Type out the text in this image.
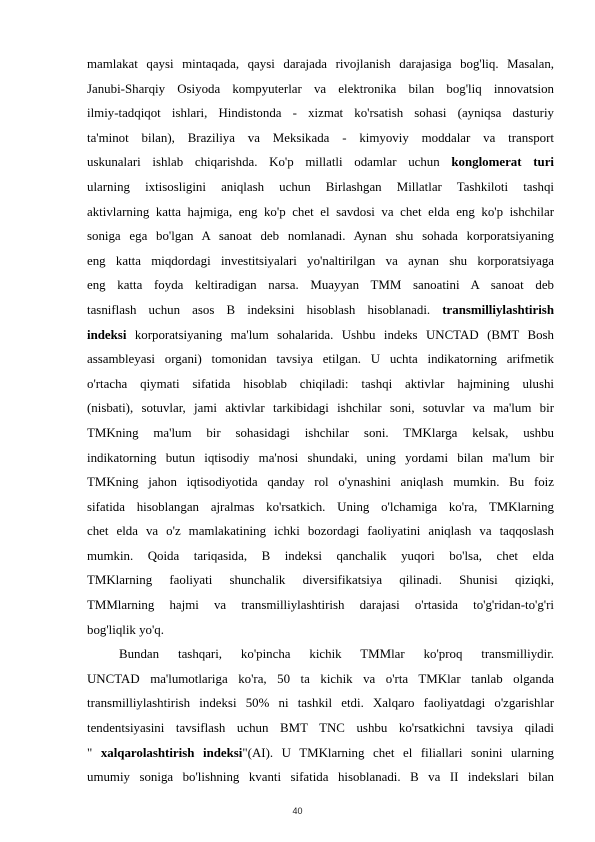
mamlakat qaysi mintaqada, qaysi darajada rivojlanish darajasiga bog'liq. Masalan,
Janubi-Sharqiy Osiyoda kompyuterlar va elektronika bilan bog'liq innovatsion
ilmiy-tadqiqot ishlari, Hindistonda - xizmat ko'rsatish sohasi (ayniqsa dasturiy
ta'minot bilan), Braziliya va Meksikada - kimyoviy moddalar va transport
uskunalari ishlab chiqarishda. Ko'p millatli odamlar uchun konglomerat turi
ularning ixtisosligini aniqlash uchun Birlashgan Millatlar Tashkiloti tashqi
aktivlarning katta hajmiga, eng ko'p chet el savdosi va chet elda eng ko'p ishchilar
soniga ega bo'lgan A sanoat deb nomlanadi. Aynan shu sohada korporatsiyaning
eng katta miqdordagi investitsiyalari yo'naltirilgan va aynan shu korporatsiyaga
eng katta foyda keltiradigan narsa. Muayyan TMM sanoatini A sanoat deb
tasniflash uchun asos B indeksini hisoblash hisoblanadi. transmilliylashtirish
indeksi korporatsiyaning ma'lum sohalarida. Ushbu indeks UNCTAD (BMT Bosh
assambleyasi organi) tomonidan tavsiya etilgan. U uchta indikatorning arifmetik
o'rtacha qiymati sifatida hisoblab chiqiladi: tashqi aktivlar hajmining ulushi
(nisbati), sotuvlar, jami aktivlar tarkibidagi ishchilar soni, sotuvlar va ma'lum bir
TMKning ma'lum bir sohasidagi ishchilar soni. TMKlarga kelsak, ushbu
indikatorning butun iqtisodiy ma'nosi shundaki, uning yordami bilan ma'lum bir
TMKning jahon iqtisodiyotida qanday rol o'ynashini aniqlash mumkin. Bu foiz
sifatida hisoblangan ajralmas ko'rsatkich. Uning o'lchamiga ko'ra, TMKlarning
chet elda va o'z mamlakatining ichki bozordagi faoliyatini aniqlash va taqqoslash
mumkin. Qoida tariqasida, B indeksi qanchalik yuqori bo'lsa, chet elda
TMKlarning faoliyati shunchalik diversifikatsiya qilinadi. Shunisi qiziqki,
TMMlarning hajmi va transmilliylashtirish darajasi o'rtasida to'g'ridan-to'g'ri
bog'liqlik yo'q.
Bundan tashqari, ko'pincha kichik TMMlar ko'proq transmilliydir.
UNCTAD ma'lumotlariga ko'ra, 50 ta kichik va o'rta TMKlar tanlab olganda
transmilliylashtirish indeksi 50% ni tashkil etdi. Xalqaro faoliyatdagi o'zgarishlar
tendentsiyasini tavsiflash uchun BMT TNC ushbu ko'rsatkichni tavsiya qiladi
" xalqarolashtirish indeksi"(AI). U TMKlarning chet el filiallari sonini ularning
umumiy soniga bo'lishning kvanti sifatida hisoblanadi. B va II indekslari bilan
40
